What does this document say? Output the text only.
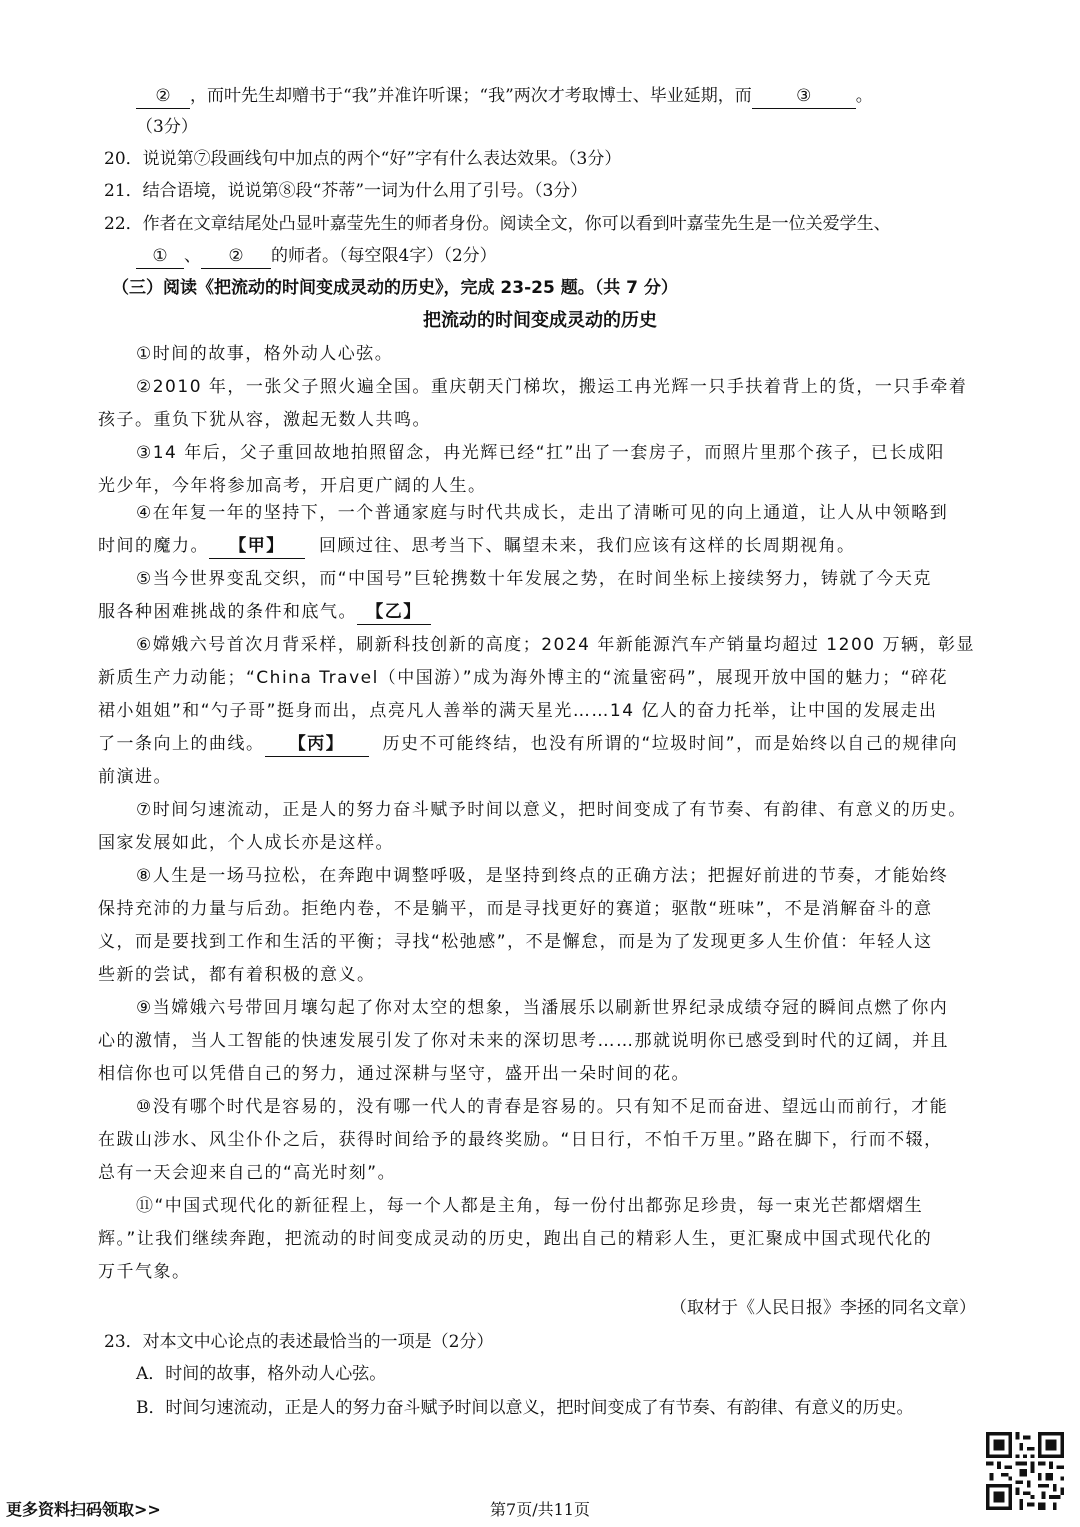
② ，而叶先生却赠书于“我”并准许听课；“我”两次才考取博士、毕业延期，而	③	。
（3分）
20．说说第⑦段画线句中加点的两个“好”字有什么表达效果。（3分）
21．结合语境，说说第⑧段“芥蒂”一词为什么用了引号。（3分）
22．作者在文章结尾处凸显叶嘉莹先生的师者身份。阅读全文，你可以看到叶嘉莹先生是一位关爱学生、
① 、 ② 的师者。（每空限4字）（2分）
（三）阅读《把流动的时间变成灵动的历史》，完成 23-25 题。（共 7 分）
把流动的时间变成灵动的历史
①时间的故事，格外动人心弦。
②2010 年，一张父子照火遍全国。重庆朝天门梯坎，搬运工冉光辉一只手扶着背上的货，一只手牵着
孩子。重负下犹从容，激起无数人共鸣。
③14 年后，父子重回故地拍照留念，冉光辉已经“扛”出了一套房子，而照片里那个孩子，已长成阳
光少年，今年将参加高考，开启更广阔的人生。
④在年复一年的坚持下，一个普通家庭与时代共成长，走出了清晰可见的向上通道，让人从中领略到
时间的魔力。 【甲】 回顾过往、思考当下、瞩望未来，我们应该有这样的长周期视角。
⑤当今世界变乱交织，而“中国号”巨轮携数十年发展之势，在时间坐标上接续努力，铸就了今天克
服各种困难挑战的条件和底气。 【乙】
⑥嫦娥六号首次月背采样，刷新科技创新的高度；2024 年新能源汽车产销量均超过 1200 万辆，彰显
新质生产力动能；“China Travel（中国游）”成为海外博主的“流量密码”，展现开放中国的魅力；“碎花
裙小姐姐”和“勺子哥”挺身而出，点亮凡人善举的满天星光……14 亿人的奋力托举，让中国的发展走出
了一条向上的曲线。 【丙】 历史不可能终结，也没有所谓的“垃圾时间”，而是始终以自己的规律向
前演进。
⑦时间匀速流动，正是人的努力奋斗赋予时间以意义，把时间变成了有节奏、有韵律、有意义的历史。
国家发展如此，个人成长亦是这样。
⑧人生是一场马拉松，在奔跑中调整呼吸，是坚持到终点的正确方法；把握好前进的节奏，才能始终
保持充沛的力量与后劲。拒绝内卷，不是躺平，而是寻找更好的赛道；驱散“班味”，不是消解奋斗的意
义，而是要找到工作和生活的平衡；寻找“松弛感”，不是懈怠，而是为了发现更多人生价值：年轻人这
些新的尝试，都有着积极的意义。
⑨当嫦娥六号带回月壤勾起了你对太空的想象，当潘展乐以刷新世界纪录成绩夺冠的瞬间点燃了你内
心的激情，当人工智能的快速发展引发了你对未来的深切思考……那就说明你已感受到时代的辽阔，并且
相信你也可以凭借自己的努力，通过深耕与坚守，盛开出一朵时间的花。
⑩没有哪个时代是容易的，没有哪一代人的青春是容易的。只有知不足而奋进、望远山而前行，才能
在跋山涉水、风尘仆仆之后，获得时间给予的最终奖励。“日日行，不怕千万里。”路在脚下，行而不辍，
总有一天会迎来自己的“高光时刻”。
⑪“中国式现代化的新征程上，每一个人都是主角，每一份付出都弥足珍贵，每一束光芒都熠熠生
辉。”让我们继续奔跑，把流动的时间变成灵动的历史，跑出自己的精彩人生，更汇聚成中国式现代化的
万千气象。
（取材于《人民日报》李拯的同名文章）
23．对本文中心论点的表述最恰当的一项是（2分）
A．时间的故事，格外动人心弦。
B．时间匀速流动，正是人的努力奋斗赋予时间以意义，把时间变成了有节奏、有韵律、有意义的历史。
更多资料扫码领取>>	第7页/共11页
